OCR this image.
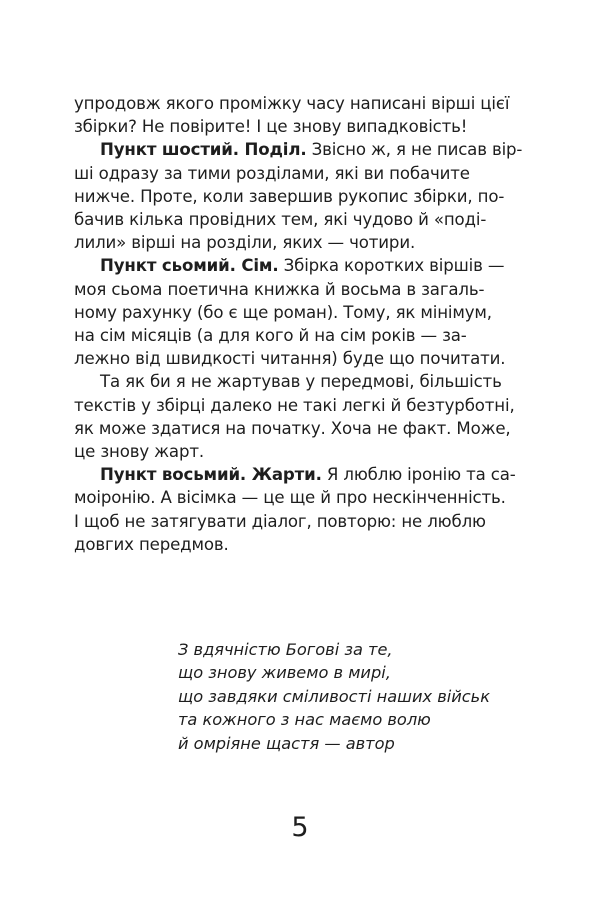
упродовж якого проміжку часу написані вірші цієї
збірки? Не повірите! І це знову випадковість!
Пункт шостий. Поділ. Звісно ж, я не писав вір-
ші одразу за тими розділами, які ви побачите
нижче. Проте, коли завершив рукопис збірки, по-
бачив кілька провідних тем, які чудово й «поді-
лили» вірші на розділи, яких — чотири.
Пункт сьомий. Сім. Збірка коротких віршів —
моя сьома поетична книжка й восьма в загаль-
ному рахунку (бо є ще роман). Тому, як мінімум,
на сім місяців (а для кого й на сім років — за-
лежно від швидкості читання) буде що почитати.
Та як би я не жартував у передмові, більшість
текстів у збірці далеко не такі легкі й безтурботні,
як може здатися на початку. Хоча не факт. Може,
це знову жарт.
Пункт восьмий. Жарти. Я люблю іронію та са-
моіронію. А вісімка — це ще й про нескінченність.
І щоб не затягувати діалог, повторю: не люблю
довгих передмов.
З вдячністю Богові за те,
що знову живемо в мирі,
що завдяки сміливості наших військ
та кожного з нас маємо волю
й омріяне щастя — автор
5
